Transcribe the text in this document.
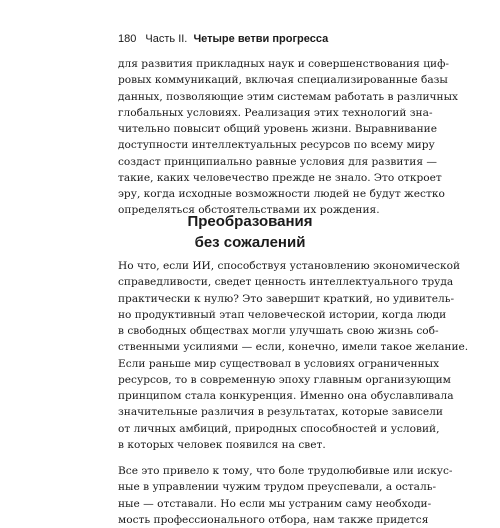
180 Часть II. Четыре ветви прогресса
для развития прикладных наук и совершенствования циф-
ровых коммуникаций, включая специализированные базы
данных, позволяющие этим системам работать в различных
глобальных условиях. Реализация этих технологий зна-
чительно повысит общий уровень жизни. Выравнивание
доступности интеллектуальных ресурсов по всему миру
создаст принципиально равные условия для развития —
такие, каких человечество прежде не знало. Это откроет
эру, когда исходные возможности людей не будут жестко
определяться обстоятельствами их рождения.
Преобразования
без сожалений
Но что, если ИИ, способствуя установлению экономической
справедливости, сведет ценность интеллектуального труда
практически к нулю? Это завершит краткий, но удивитель-
но продуктивный этап человеческой истории, когда люди
в свободных обществах могли улучшать свою жизнь соб-
ственными усилиями — если, конечно, имели такое желание.
Если раньше мир существовал в условиях ограниченных
ресурсов, то в современную эпоху главным организующим
принципом стала конкуренция. Именно она обуславливала
значительные различия в результатах, которые зависели
от личных амбиций, природных способностей и условий,
в которых человек появился на свет.
Все это привело к тому, что боле трудолюбивые или искус-
ные в управлении чужим трудом преуспевали, а осталь-
ные — отставали. Но если мы устраним саму необходи-
мость профессионального отбора, нам также придется
